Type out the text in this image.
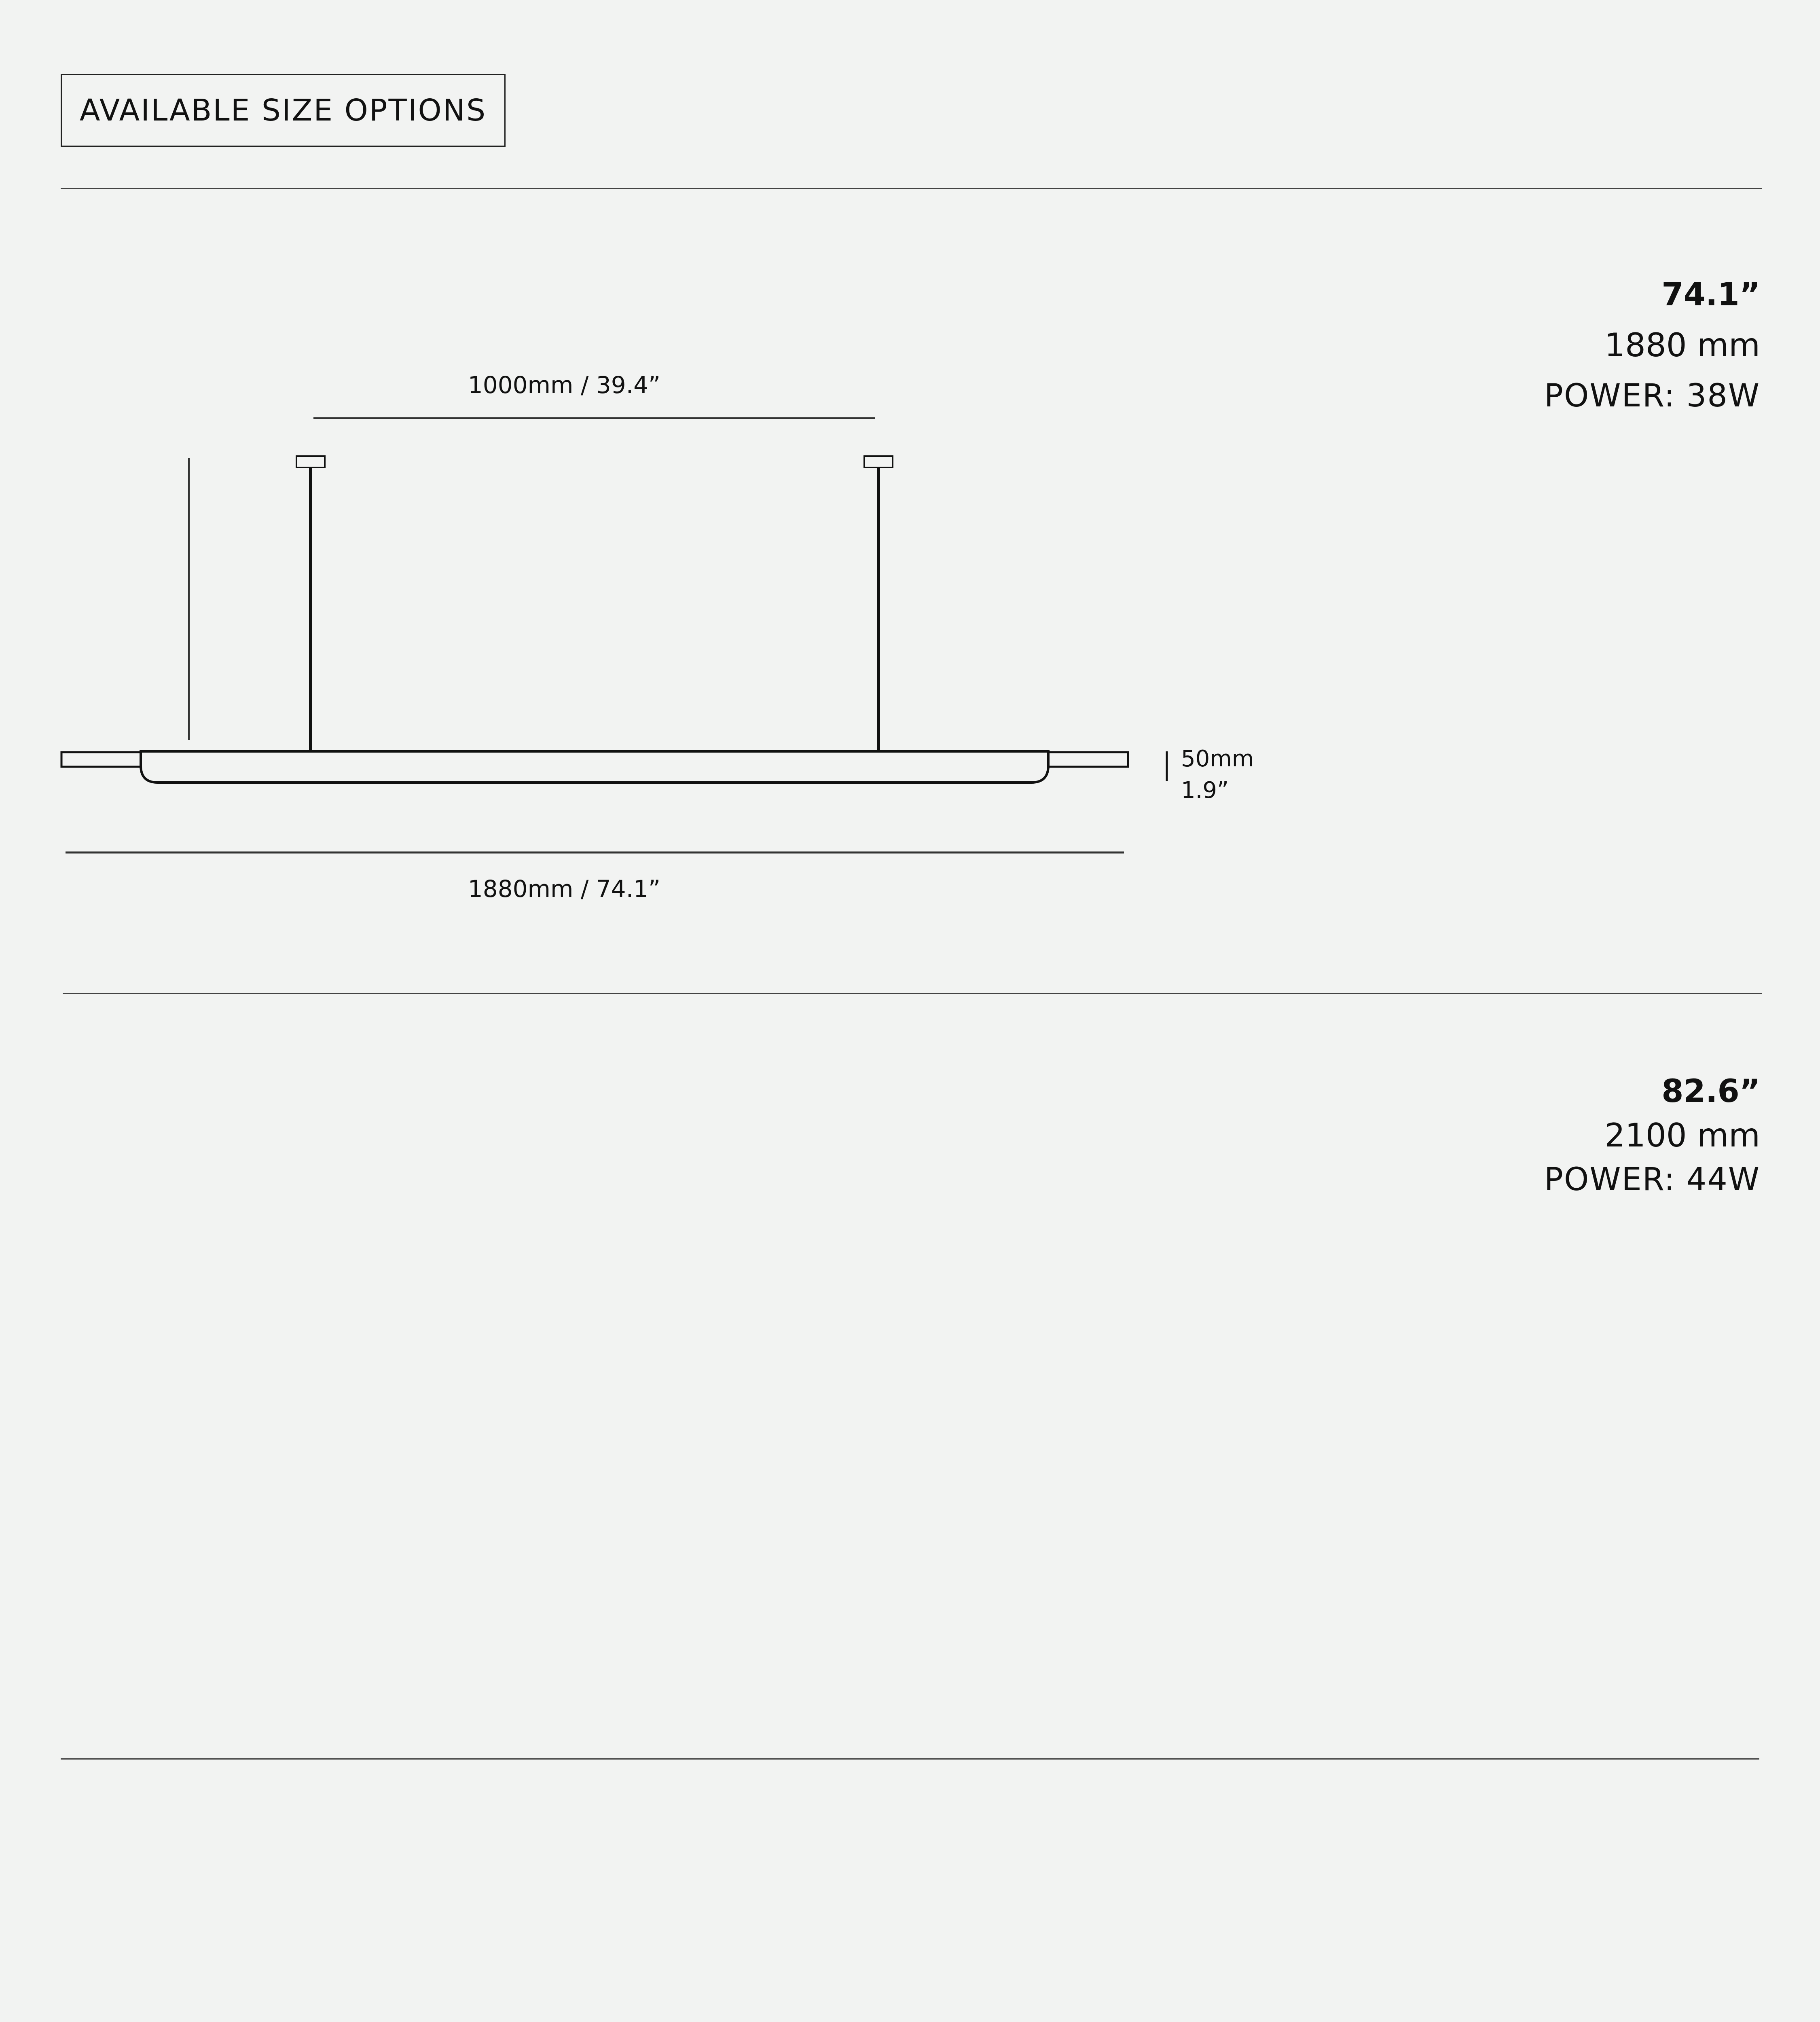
AVAILABLE SIZE OPTIONS
74.1”
1880 mm
POWER: 38W
82.6”
2100 mm
POWER: 44W
1000mm / 39.4”
50mm
1.9”
1880mm / 74.1”
